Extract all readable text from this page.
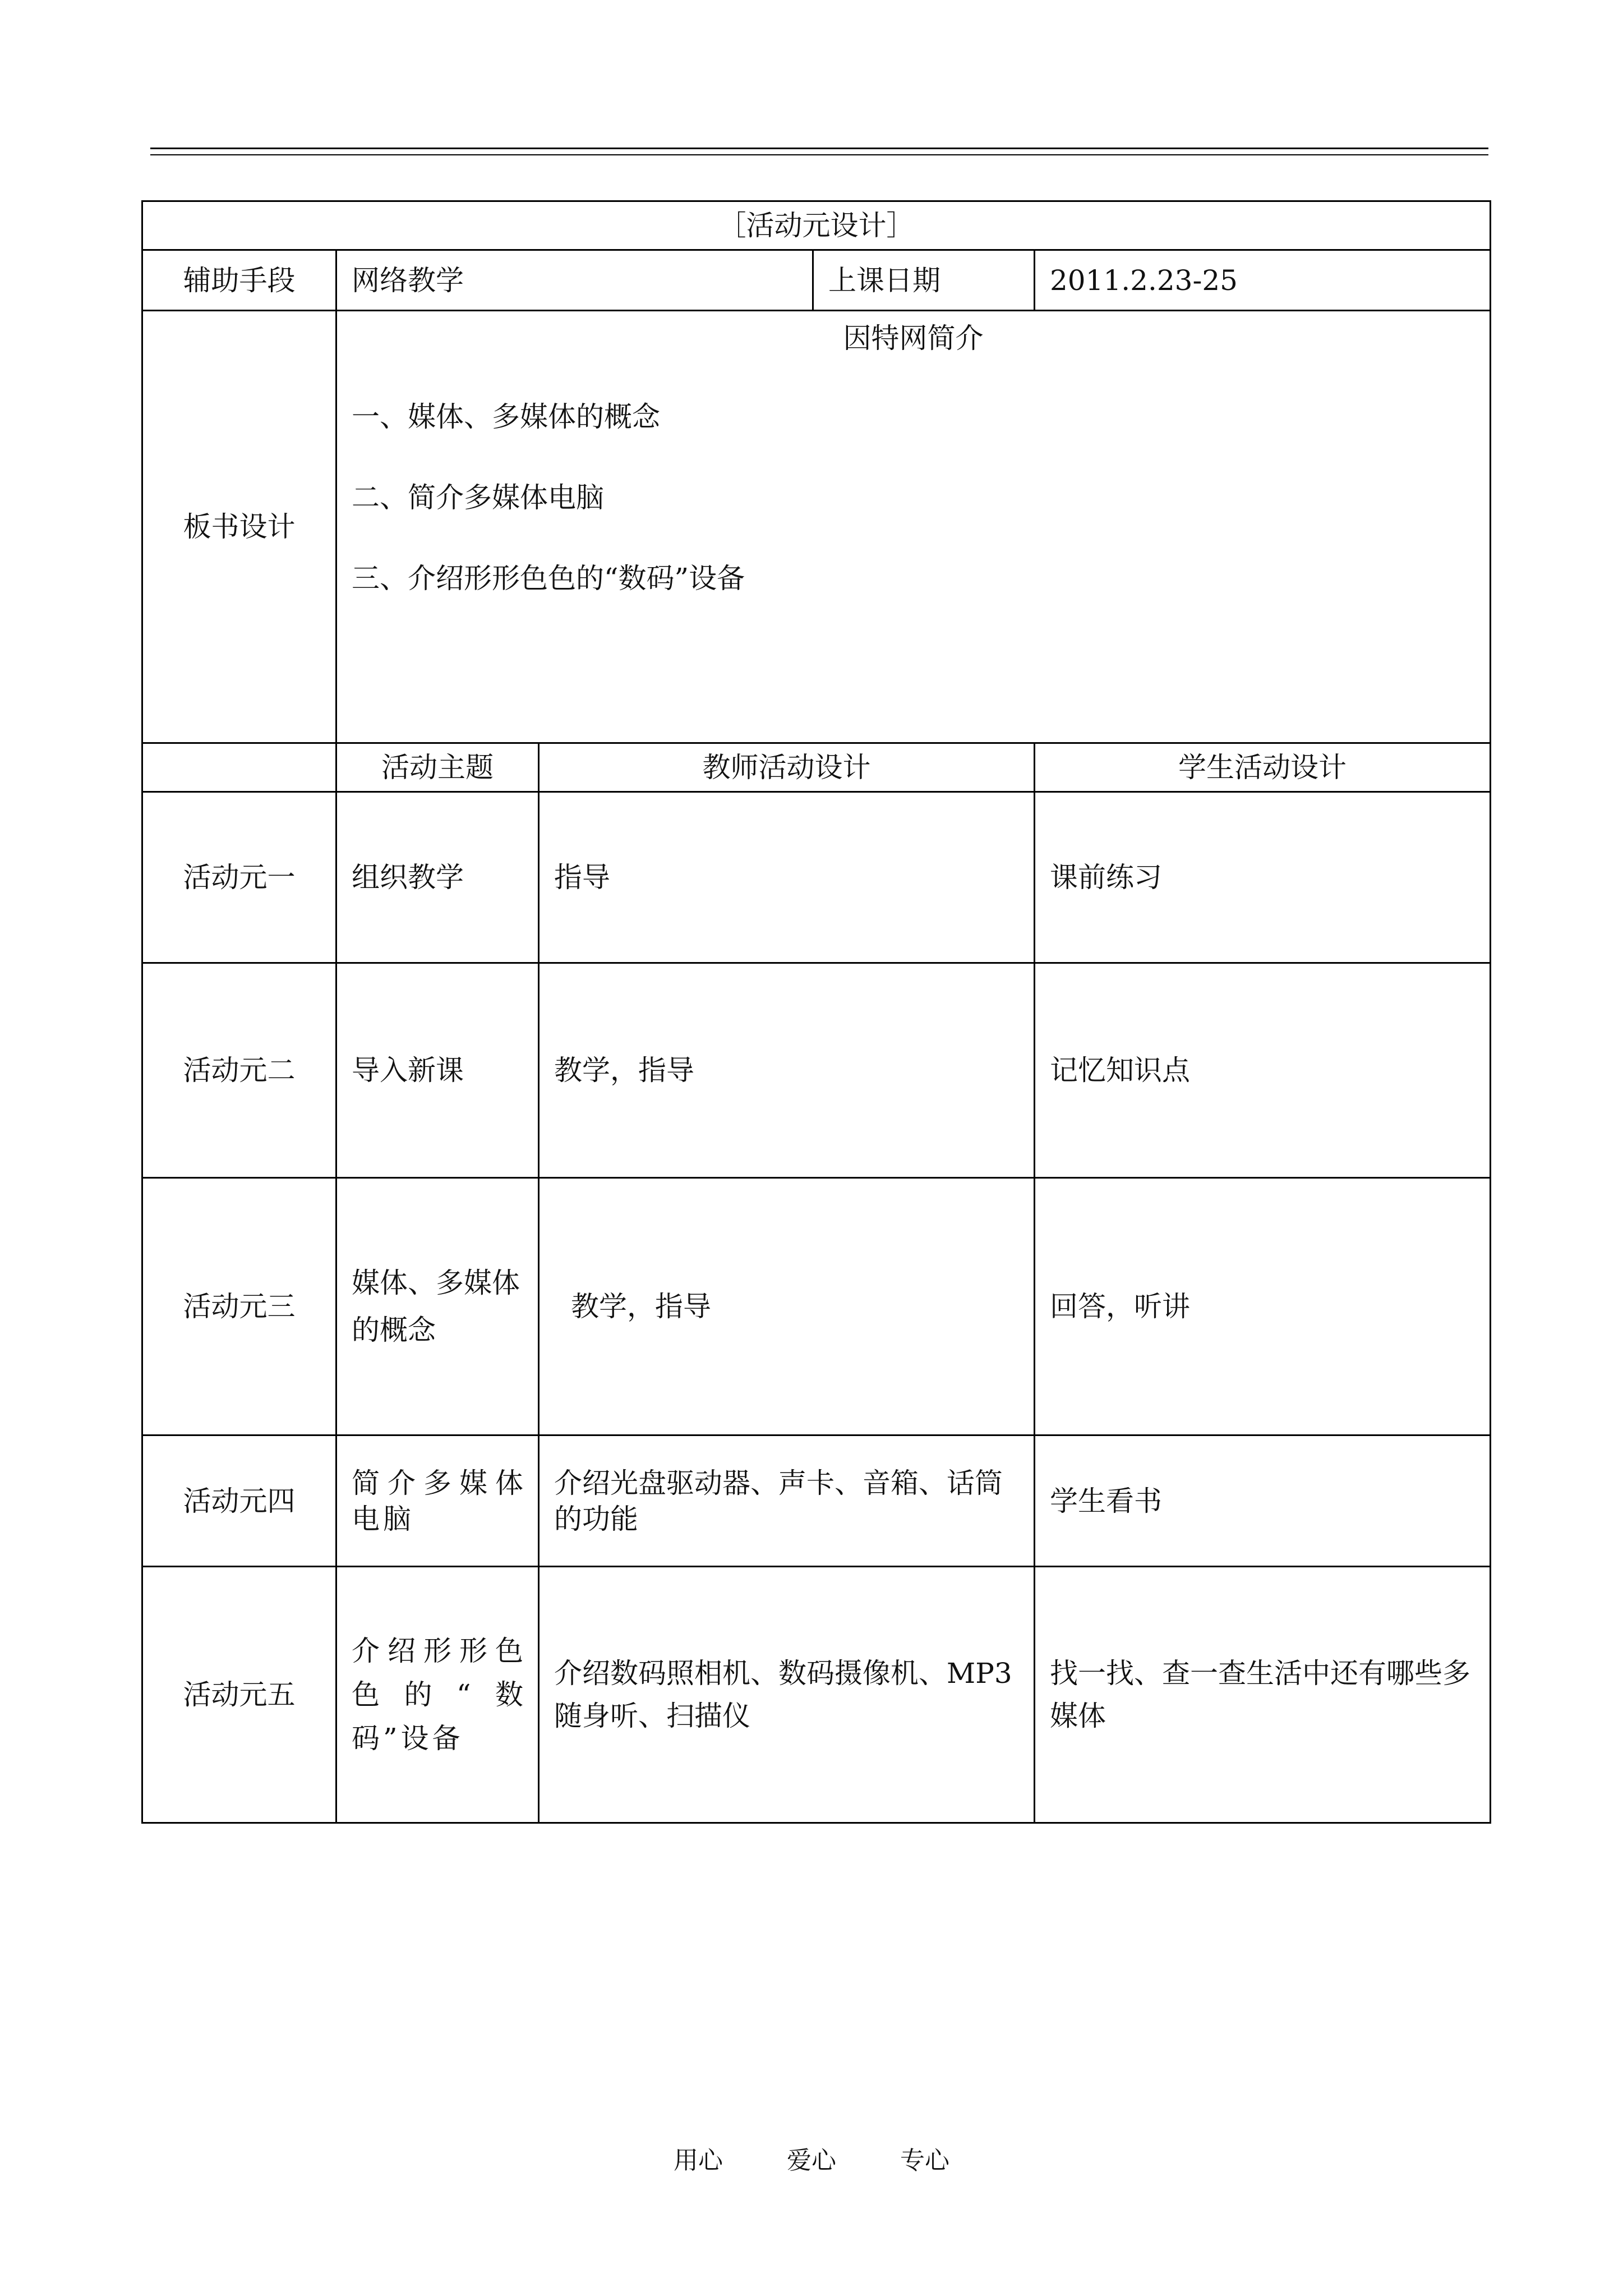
［活动元设计］				
辅助手段	网络教学		上课日期	2011.2.23-25
板书设计	因特网简介
一、媒体、多媒体的概念
二、简介多媒体电脑
三、介绍形形色色的“数码”设备			

	活动主题	教师活动设计		学生活动设计
活动元一	组织教学	指导		课前练习
活动元二	导入新课	教学，指导		记忆知识点
活动元三	媒体、多媒体的概念	教学，指导		回答，听讲
活动元四	简介多媒体电脑	介绍光盘驱动器、声卡、音箱、话筒的功能		学生看书
活动元五	介绍形形色色的“数码”设备	介绍数码照相机、数码摄像机、MP3随身听、扫描仪		找一找、查一查生活中还有哪些多媒体
用心	爱心	专心
